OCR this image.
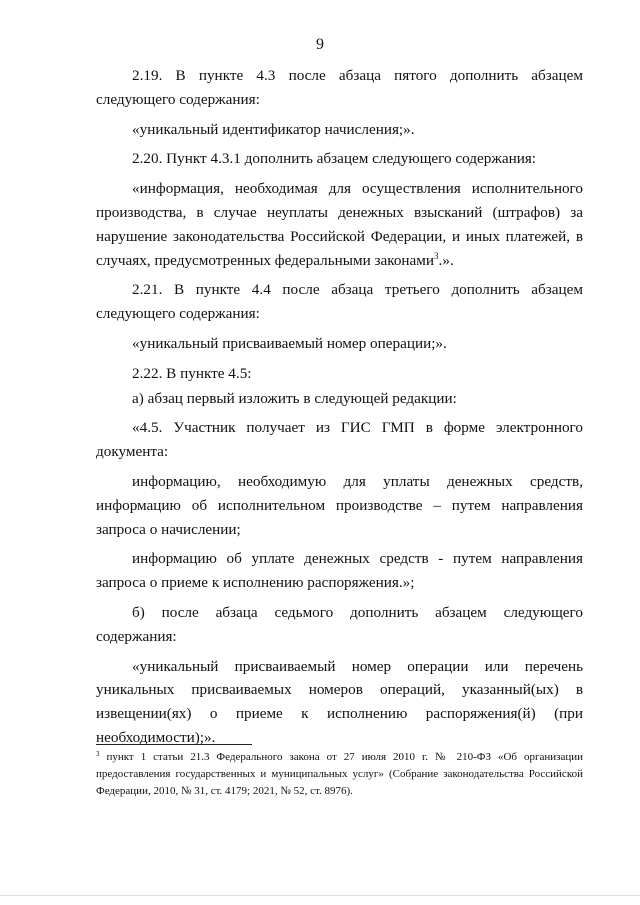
9

2.19. В пункте 4.3 после абзаца пятого дополнить абзацем следующего содержания:

«уникальный идентификатор начисления;».

2.20. Пункт 4.3.1 дополнить абзацем следующего содержания:

«информация, необходимая для осуществления исполнительного производства, в случае неуплаты денежных взысканий (штрафов) за нарушение законодательства Российской Федерации, и иных платежей, в случаях, предусмотренных федеральными законами$^3$.».

2.21. В пункте 4.4 после абзаца третьего дополнить абзацем следующего содержания:

«уникальный присваиваемый номер операции;».

2.22. В пункте 4.5:

а) абзац первый изложить в следующей редакции:

«4.5. Участник получает из ГИС ГМП в форме электронного документа:

информацию, необходимую для уплаты денежных средств, информацию об исполнительном производстве – путем направления запроса о начислении;

информацию об уплате денежных средств - путем направления запроса о приеме к исполнению распоряжения.»;

б) после абзаца седьмого дополнить абзацем следующего содержания:

«уникальный присваиваемый номер операции или перечень уникальных присваиваемых номеров операций, указанный(ых) в извещении(ях) о приеме к исполнению распоряжения(й) (при необходимости);».

$^3$ пункт 1 статьи 21.3 Федерального закона от 27 июля 2010 г. № 210-ФЗ «Об организации предоставления государственных и муниципальных услуг» (Собрание законодательства Российской Федерации, 2010, № 31, ст. 4179; 2021, № 52, ст. 8976).
